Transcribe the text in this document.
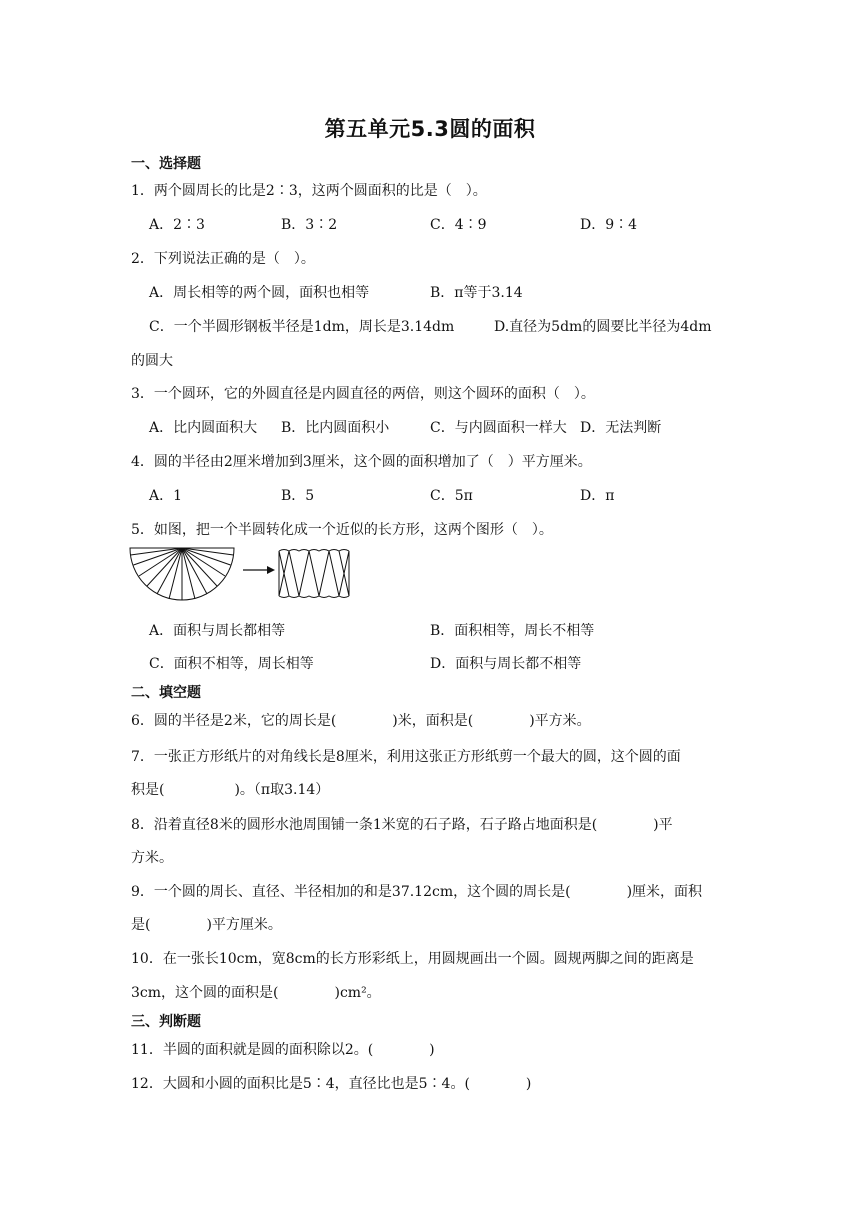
第五单元5.3圆的面积
一、选择题
1．两个圆周长的比是2∶3，这两个圆面积的比是（　）。
A．2∶3	B．3∶2	C．4∶9	D．9∶4
2．下列说法正确的是（　）。
A．周长相等的两个圆，面积也相等	B．π等于3.14
C．一个半圆形钢板半径是1dm，周长是3.14dm	D.直径为5dm的圆要比半径为4dm
的圆大
3．一个圆环，它的外圆直径是内圆直径的两倍，则这个圆环的面积（　）。
A．比内圆面积大 B．比内圆面积小	C．与内圆面积一样大 D．无法判断
4．圆的半径由2厘米增加到3厘米，这个圆的面积增加了（　）平方厘米。
A．1	B．5	C．5π	D．π
5．如图，把一个半圆转化成一个近似的长方形，这两个图形（　）。
A．面积与周长都相等	B．面积相等，周长不相等
C．面积不相等，周长相等	D．面积与周长都不相等
二、填空题
6．圆的半径是2米，它的周长是(　　　　)米，面积是(　　　　)平方米。
7．一张正方形纸片的对角线长是8厘米，利用这张正方形纸剪一个最大的圆，这个圆的面
积是(　　　　　)。（π取3.14）
8．沿着直径8米的圆形水池周围铺一条1米宽的石子路，石子路占地面积是(　　　　)平
方米。
9．一个圆的周长、直径、半径相加的和是37.12cm，这个圆的周长是(　　　　)厘米，面积
是(　　　　)平方厘米。
10．在一张长10cm，宽8cm的长方形彩纸上，用圆规画出一个圆。圆规两脚之间的距离是
3cm，这个圆的面积是(　　　　)cm²。
三、判断题
11．半圆的面积就是圆的面积除以2。(　　　　)
12．大圆和小圆的面积比是5∶4，直径比也是5∶4。(　　　　)
